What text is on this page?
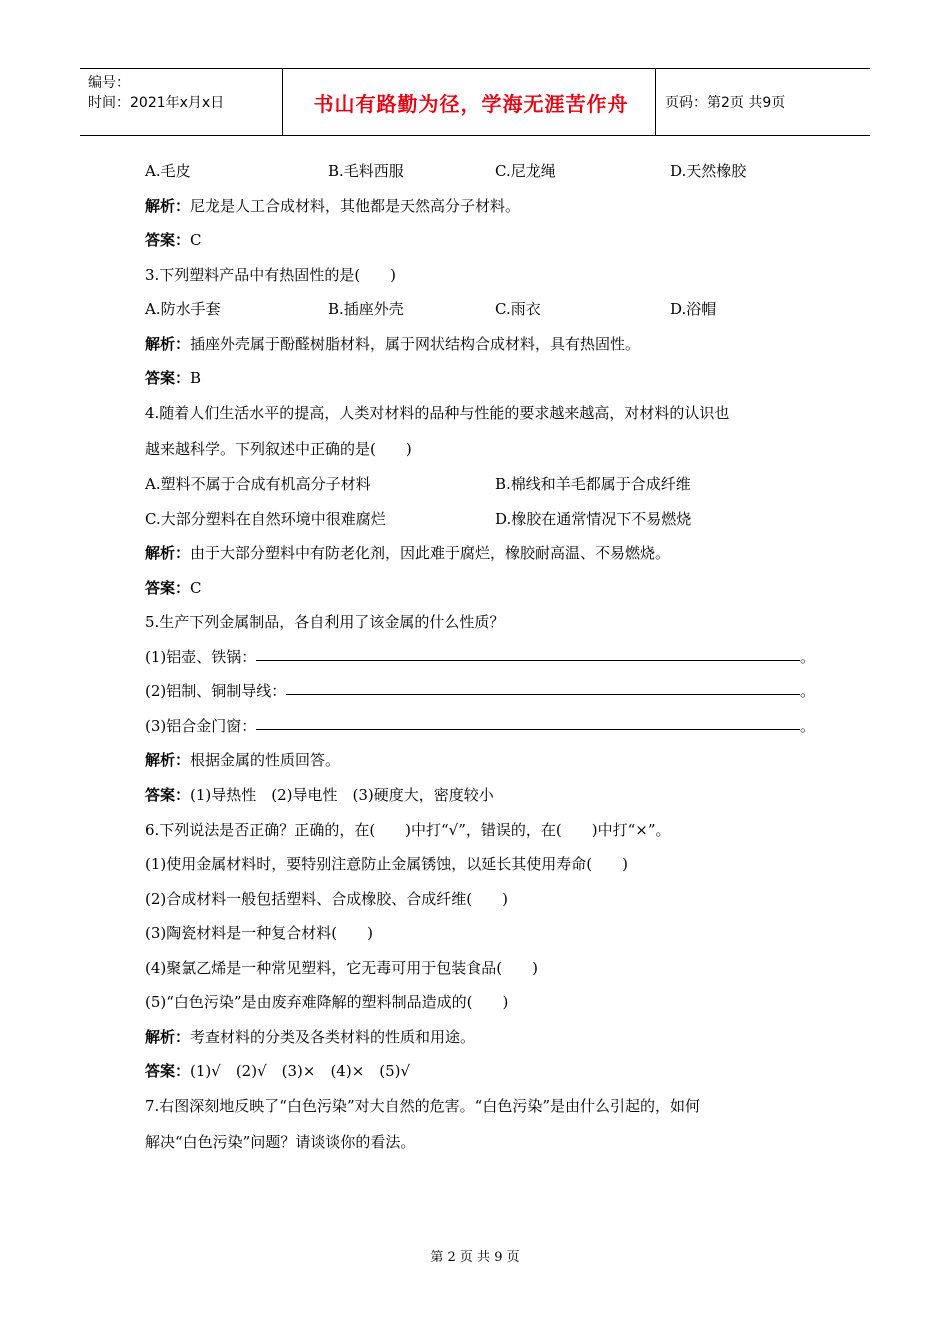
编号：
时间：2021年x月x日	书山有路勤为径，学海无涯苦作舟	页码：第2页 共9页
A.毛皮	B.毛料西服	C.尼龙绳	D.天然橡胶
解析：尼龙是人工合成材料，其他都是天然高分子材料。
答案：C
3.下列塑料产品中有热固性的是(　　)
A.防水手套	B.插座外壳	C.雨衣	D.浴帽
解析：插座外壳属于酚醛树脂材料，属于网状结构合成材料，具有热固性。
答案：B
4.随着人们生活水平的提高，人类对材料的品种与性能的要求越来越高，对材料的认识也
越来越科学。下列叙述中正确的是(　　)
A.塑料不属于合成有机高分子材料	B.棉线和羊毛都属于合成纤维
C.大部分塑料在自然环境中很难腐烂	D.橡胶在通常情况下不易燃烧
解析：由于大部分塑料中有防老化剂，因此难于腐烂，橡胶耐高温、不易燃烧。
答案：C
5.生产下列金属制品，各自利用了该金属的什么性质？
(1)铝壶、铁锅：	。
(2)铝制、铜制导线：	。
(3)铝合金门窗：	。
解析：根据金属的性质回答。
答案：(1)导热性　(2)导电性　(3)硬度大，密度较小
6.下列说法是否正确？正确的，在(　　)中打“√”，错误的，在(　　)中打“×”。
(1)使用金属材料时，要特别注意防止金属锈蚀，以延长其使用寿命(　　)
(2)合成材料一般包括塑料、合成橡胶、合成纤维(　　)
(3)陶瓷材料是一种复合材料(　　)
(4)聚氯乙烯是一种常见塑料，它无毒可用于包装食品(　　)
(5)“白色污染”是由废弃难降解的塑料制品造成的(　　)
解析：考查材料的分类及各类材料的性质和用途。
答案：(1)√　(2)√　(3)×　(4)×　(5)√
7.右图深刻地反映了“白色污染”对大自然的危害。“白色污染”是由什么引起的，如何
解决“白色污染”问题？请谈谈你的看法。
第 2 页 共 9 页
